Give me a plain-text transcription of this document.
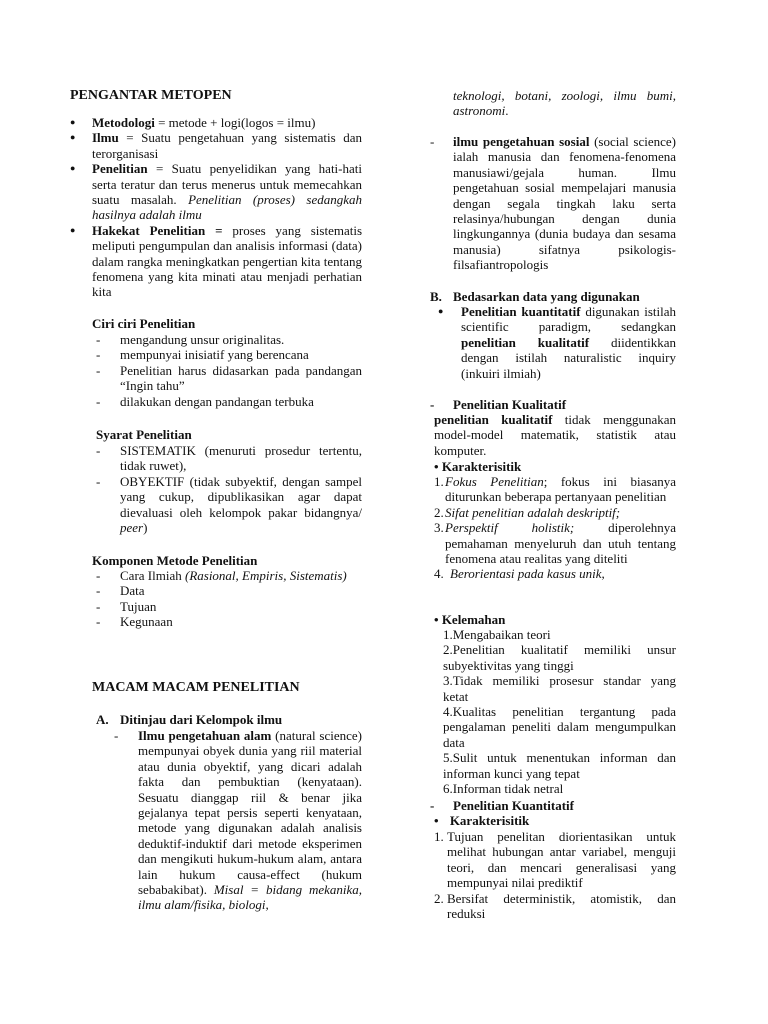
PENGANTAR METOPEN
● Metodologi = metode + logi(logos = ilmu)

● Ilmu = Suatu pengetahuan yang sistematis dan terorganisasi

● Penelitian = Suatu penyelidikan yang hati-hati serta teratur dan terus menerus untuk memecahkan suatu masalah. Penelitian (proses) sedangkah hasilnya adalah ilmu

● Hakekat Penelitian = proses yang sistematis meliputi pengumpulan dan analisis informasi (data) dalam rangka meningkatkan pengertian kita tentang fenomena yang kita minati atau menjadi perhatian kita

Ciri ciri Penelitian
- mengandung unsur originalitas.

- mempunyai inisiatif yang berencana

- Penelitian harus didasarkan pada pandangan “Ingin tahu”

- dilakukan dengan pandangan terbuka

Syarat Penelitian
- SISTEMATIK (menuruti prosedur tertentu, tidak ruwet),

- OBYEKTIF (tidak subyektif, dengan sampel yang cukup, dipublikasikan agar dapat dievaluasi oleh kelompok pakar bidangnya/ peer)

Komponen Metode Penelitian
- Cara Ilmiah (Rasional, Empiris, Sistematis)

- Data

- Tujuan

- Kegunaan

MACAM MACAM PENELITIAN
A. Ditinjau dari Kelompok ilmu
- Ilmu pengetahuan alam (natural science) mempunyai obyek dunia yang riil material atau dunia obyektif, yang dicari adalah fakta dan pembuktian (kenyataan). Sesuatu dianggap riil & benar jika gejalanya tepat persis seperti kenyataan, metode yang digunakan adalah analisis deduktif-induktif dari metode eksperimen dan mengikuti hukum-hukum alam, antara lain hukum causa-effect (hukum sebabakibat). Misal = bidang mekanika, ilmu alam/fisika, biologi,

teknologi, botani, zoologi, ilmu bumi, astronomi.

- ilmu pengetahuan sosial (social science) ialah manusia dan fenomena-fenomena manusiawi/gejala human. Ilmu pengetahuan sosial mempelajari manusia dengan segala tingkah laku serta relasinya/hubungan dengan dunia lingkungannya (dunia budaya dan sesama manusia) sifatnya psikologis-filsafiantropologis

B. Bedasarkan data yang digunakan
● Penelitian kuantitatif digunakan istilah scientific paradigm, sedangkan penelitian kualitatif diidentikkan dengan istilah naturalistic inquiry (inkuiri ilmiah)

- Penelitian Kualitatif

penelitian kualitatif tidak menggunakan model-model matematik, statistik atau komputer.

• Karakterisitik
1. Fokus Penelitian; fokus ini biasanya diturunkan beberapa pertanyaan penelitian

2. Sifat penelitian adalah deskriptif;

3. Perspektif holistik; diperolehnya pemahaman menyeluruh dan utuh tentang fenomena atau realitas yang diteliti

4. Berorientasi pada kasus unik,

• Kelemahan

1.Mengabaikan teori

2.Penelitian kualitatif memiliki unsur subyektivitas yang tinggi

3.Tidak memiliki prosesur standar yang ketat

4.Kualitas penelitian tergantung pada pengalaman peneliti dalam mengumpulkan data

5.Sulit untuk menentukan informan dan informan kunci yang tepat

6.Informan tidak netral

- Penelitian Kuantitatif
• Karakterisitik
1. Tujuan penelitan diorientasikan untuk melihat hubungan antar variabel, menguji teori, dan mencari generalisasi yang mempunyai nilai prediktif

2. Bersifat deterministik, atomistik, dan reduksi
